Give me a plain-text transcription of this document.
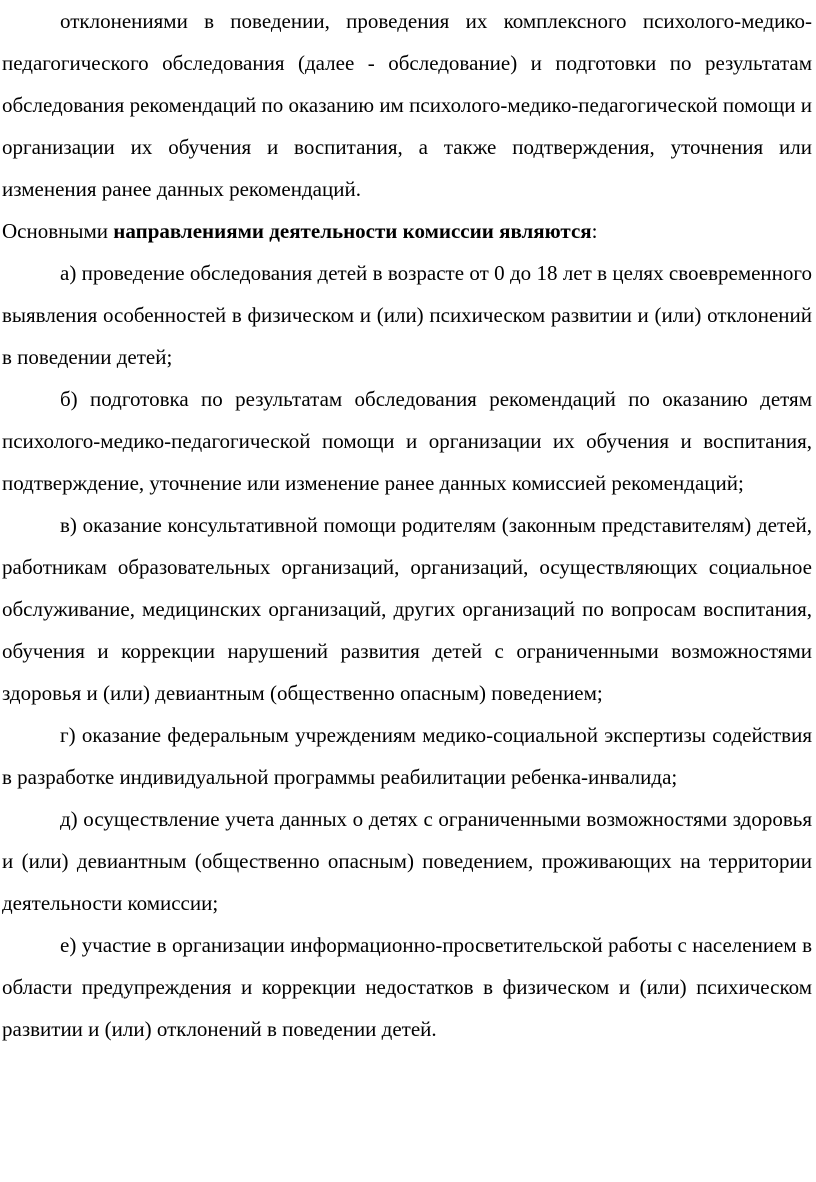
отклонениями в поведении, проведения их комплексного психолого-медико-педагогического обследования (далее - обследование) и подготовки по результатам обследования рекомендаций по оказанию им психолого-медико-педагогической помощи и организации их обучения и воспитания, а также подтверждения, уточнения или изменения ранее данных рекомендаций.

Основными направлениями деятельности комиссии являются:

а) проведение обследования детей в возрасте от 0 до 18 лет в целях своевременного выявления особенностей в физическом и (или) психическом развитии и (или) отклонений в поведении детей;

б) подготовка по результатам обследования рекомендаций по оказанию детям психолого-медико-педагогической помощи и организации их обучения и воспитания, подтверждение, уточнение или изменение ранее данных комиссией рекомендаций;

в) оказание консультативной помощи родителям (законным представителям) детей, работникам образовательных организаций, организаций, осуществляющих социальное обслуживание, медицинских организаций, других организаций по вопросам воспитания, обучения и коррекции нарушений развития детей с ограниченными возможностями здоровья и (или) девиантным (общественно опасным) поведением;

г) оказание федеральным учреждениям медико-социальной экспертизы содействия в разработке индивидуальной программы реабилитации ребенка-инвалида;

д) осуществление учета данных о детях с ограниченными возможностями здоровья и (или) девиантным (общественно опасным) поведением, проживающих на территории деятельности комиссии;

е) участие в организации информационно-просветительской работы с населением в области предупреждения и коррекции недостатков в физическом и (или) психическом развитии и (или) отклонений в поведении детей.
